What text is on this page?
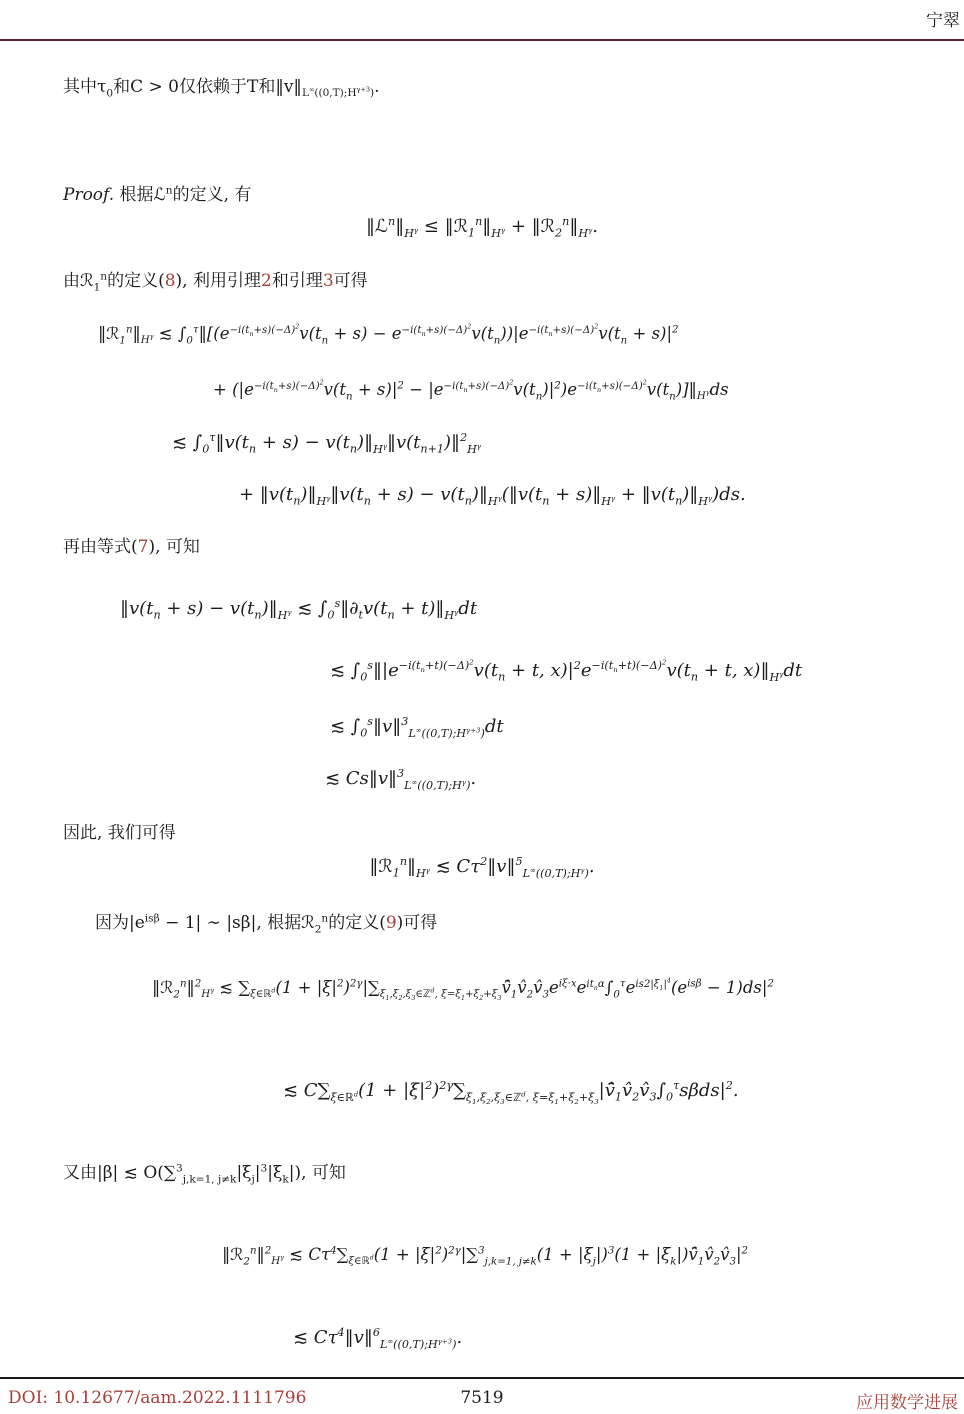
宁翠
其中$\tau_0$和C > 0仅依赖于T和$‖v‖_{L^\infty((0,T);H^{\gamma+3})}$.
Proof. 根据ℒ$^n$的定义, 有
$‖ℒ^n‖_{H^\gamma}$ ≤ $‖ℛ_1^n‖_{H^\gamma}$ + $‖ℛ_2^n‖_{H^\gamma}$.
由ℛ$_1^n$的定义(8), 利用引理2和引理3可得
$‖ℛ_1^n‖_{H^\gamma}$ ≲ $\int_0^\tau‖[(e^{-i(t_n+s)(-\Delta)^2}v(t_n + s) - e^{-i(t_n+s)(-\Delta)^2}v(t_n))|e^{-i(t_n+s)(-\Delta)^2}v(t_n + s)|^2$
+ ($|e^{-i(t_n+s)(-\Delta)^2}v(t_n + s)|^2$ − $|e^{-i(t_n+s)(-\Delta)^2}v(t_n)|^2)e^{-i(t_n+s)(-\Delta)^2}v(t_n)]‖_{H^\gamma}ds$
≲ $\int_0^\tau‖v(t_n + s)$ − $v(t_n)‖_{H^\gamma}‖v(t_{n+1})‖^2_{H^\gamma}$
+ $‖v(t_n)‖_{H^\gamma}‖v(t_n + s)$ − $v(t_n)‖_{H^\gamma}(‖v(t_n$ + $s)‖_{H^\gamma}$ + $‖v(t_n)‖_{H^\gamma})ds$.
再由等式(7), 可知
$‖v(t_n + s)$ − $v(t_n)‖_{H^\gamma}$ ≲ $\int_0^s‖\partial_tv(t_n$ + $t)‖_{H^\gamma}dt$
≲ $\int_0^s‖|e^{-i(t_n+t)(-\Delta)^2}v(t_n + t$, $x)|^2e^{-i(t_n+t)(-\Delta)^2}v(t_n + t$, $x)‖_{H^\gamma}dt$
≲ $\int_0^s‖v‖^3_{L^\infty((0,T);H^{\gamma+3})}dt$
≲ Cs‖v‖$^3_{L^\infty((0,T);H^\gamma)}$.
因此, 我们可得
$‖ℛ_1^n‖_{H^\gamma}$ ≲ $C\tau^2‖v‖^5_{L^\infty((0,T);H^\gamma)}$.
因为$|e^{is\beta} - 1|$ ∼ |sβ|, 根据ℛ$_2^n$的定义(9)可得
‖ℛ$_2^n$‖$^2_{H^\gamma}$ ≲ $\sum_{\xi\in ℝ^d}(1$ + $|\xi|^2)^{2\gamma}|\sum_{\xi_1,\xi_2,\xi_3\in ℤ^d, \xi=\xi_1+\xi_2+\xi_3}v̂̄_1v̂_2v̂_3e^{i\xi\cdot x}e^{it_n\alpha}\int_0^\tau e^{is2|\xi_1|^4}(e^{is\beta} - 1)ds|^2$
≲ $C\sum_{\xi\in ℝ^d}(1$ + $|\xi|^2)^{2\gamma}\sum_{\xi_1,\xi_2,\xi_3\in ℤ^d, \xi=\xi_1+\xi_2+\xi_3}|v̂̄_1v̂_2v̂_3\int_0^\tau s\beta ds|^2$.
又由|β| ≲ $O(\sum^3_{j,k=1, j\ne k}|\xi_j|^3|\xi_k|)$, 可知
‖ℛ$_2^n$‖$^2_{H^\gamma}$ ≲ $C\tau^4\sum_{\xi\in ℝ^d}(1 + |\xi|^2)^{2\gamma}|\sum^3_{j,k=1, j\ne k}(1 + |\xi_j|)^3(1$ + $|\xi_k|)v̂̄_1v̂_2v̂_3|^2$
≲ $C\tau^4‖v‖^6_{L^\infty((0,T);H^{\gamma+3})}$.
DOI: 10.12677/aam.2022.1111796	7519	应用数学进展
